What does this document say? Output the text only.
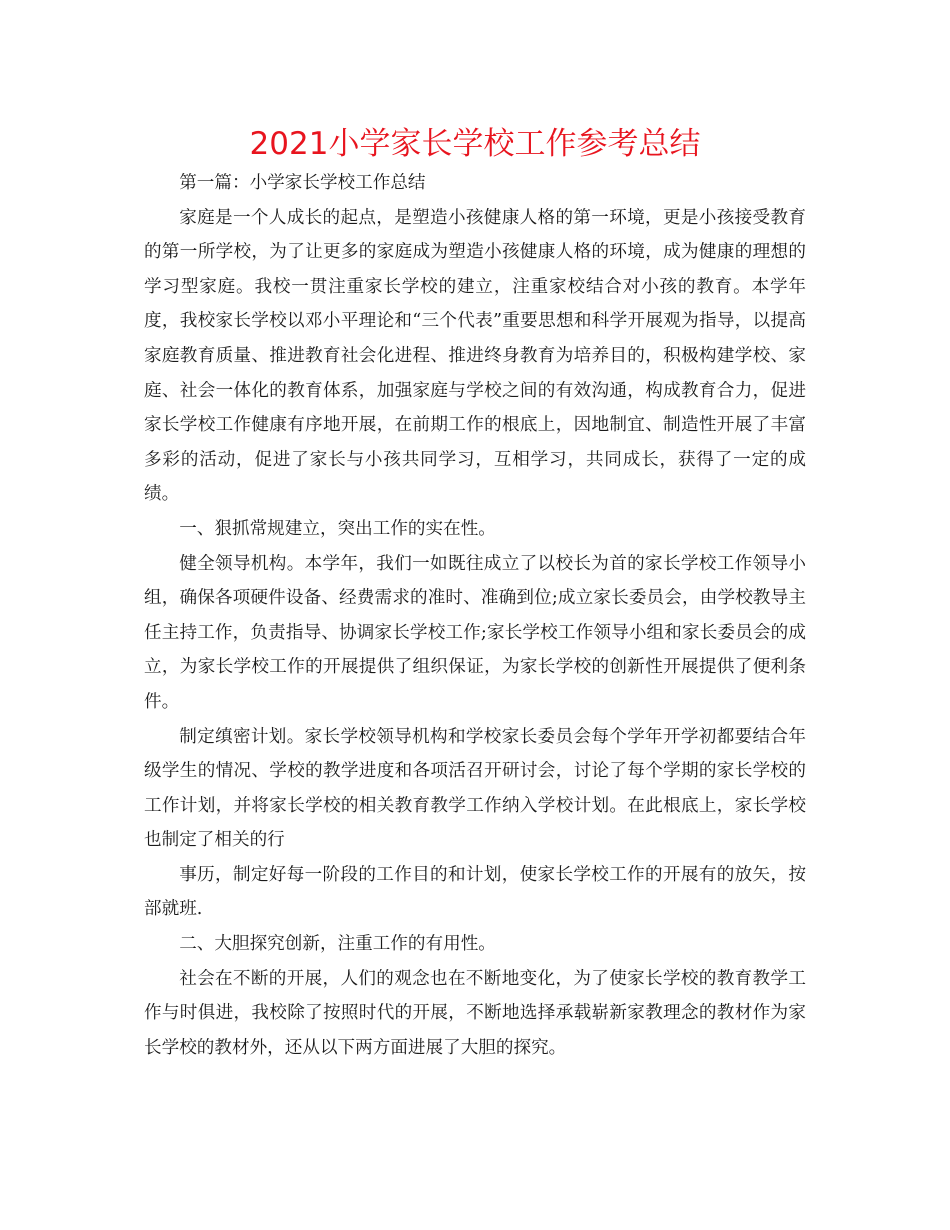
2021小学家长学校工作参考总结

第一篇：小学家长学校工作总结

家庭是一个人成长的起点，是塑造小孩健康人格的第一环境，更是小孩接受教育的第一所学校，为了让更多的家庭成为塑造小孩健康人格的环境，成为健康的理想的学习型家庭。我校一贯注重家长学校的建立，注重家校结合对小孩的教育。本学年度，我校家长学校以邓小平理论和“三个代表”重要思想和科学开展观为指导，以提高家庭教育质量、推进教育社会化进程、推进终身教育为培养目的，积极构建学校、家庭、社会一体化的教育体系，加强家庭与学校之间的有效沟通，构成教育合力，促进家长学校工作健康有序地开展，在前期工作的根底上，因地制宜、制造性开展了丰富多彩的活动，促进了家长与小孩共同学习，互相学习，共同成长，获得了一定的成绩。

一、狠抓常规建立，突出工作的实在性。

健全领导机构。本学年，我们一如既往成立了以校长为首的家长学校工作领导小组，确保各项硬件设备、经费需求的准时、准确到位;成立家长委员会，由学校教导主任主持工作，负责指导、协调家长学校工作;家长学校工作领导小组和家长委员会的成立，为家长学校工作的开展提供了组织保证，为家长学校的创新性开展提供了便利条件。

制定缜密计划。家长学校领导机构和学校家长委员会每个学年开学初都要结合年级学生的情况、学校的教学进度和各项活召开研讨会，讨论了每个学期的家长学校的工作计划，并将家长学校的相关教育教学工作纳入学校计划。在此根底上，家长学校也制定了相关的行

事历，制定好每一阶段的工作目的和计划，使家长学校工作的开展有的放矢，按部就班.

二、大胆探究创新，注重工作的有用性。

社会在不断的开展，人们的观念也在不断地变化，为了使家长学校的教育教学工作与时俱进，我校除了按照时代的开展，不断地选择承载崭新家教理念的教材作为家长学校的教材外，还从以下两方面进展了大胆的探究。
